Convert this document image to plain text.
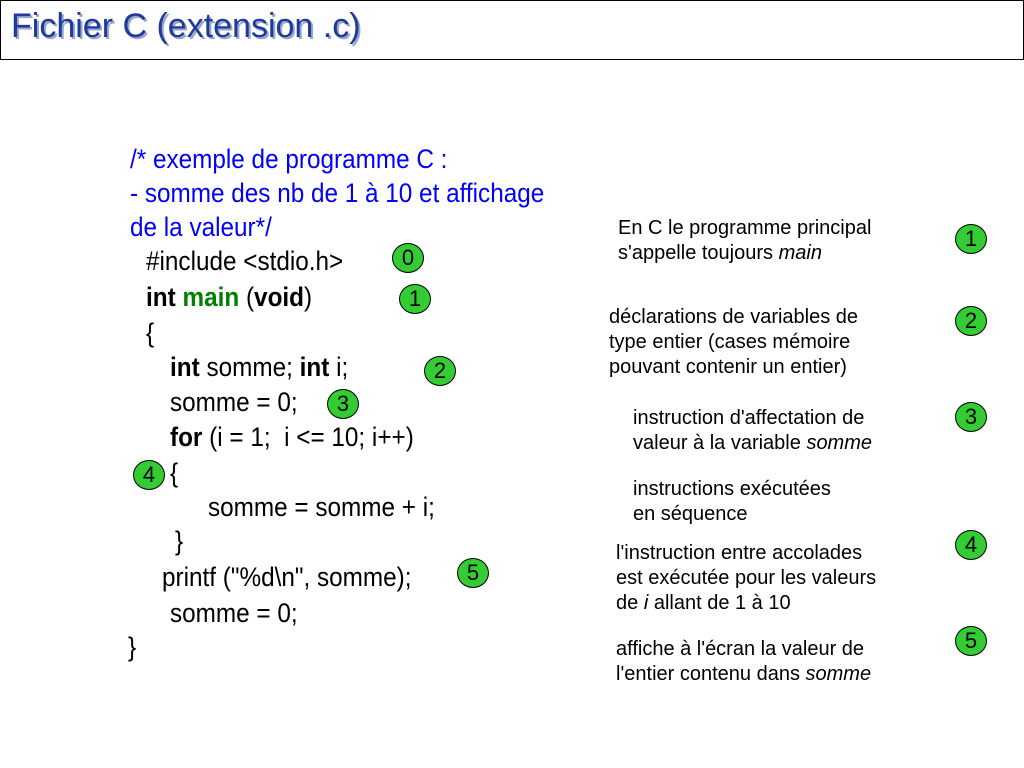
Fichier C (extension .c)
/* exemple de programme C :
- somme des nb de 1 à 10 et affichage
de la valeur*/
#include <stdio.h>
int main (void)
{
int somme; int i;
somme = 0;
for (i = 1;  i <= 10; i++)
{
somme = somme + i;
}
printf ("%d\n", somme);
somme = 0;
}
0
1
2
3
4
5
En C le programme principal
s'appelle toujours main
1
déclarations de variables de
type entier (cases mémoire
pouvant contenir un entier)
2
instruction d'affectation de
valeur à la variable somme
3
instructions exécutées
en séquence
l'instruction entre accolades
est exécutée pour les valeurs
de i allant de 1 à 10
4
affiche à l'écran la valeur de
l'entier contenu dans somme
5
